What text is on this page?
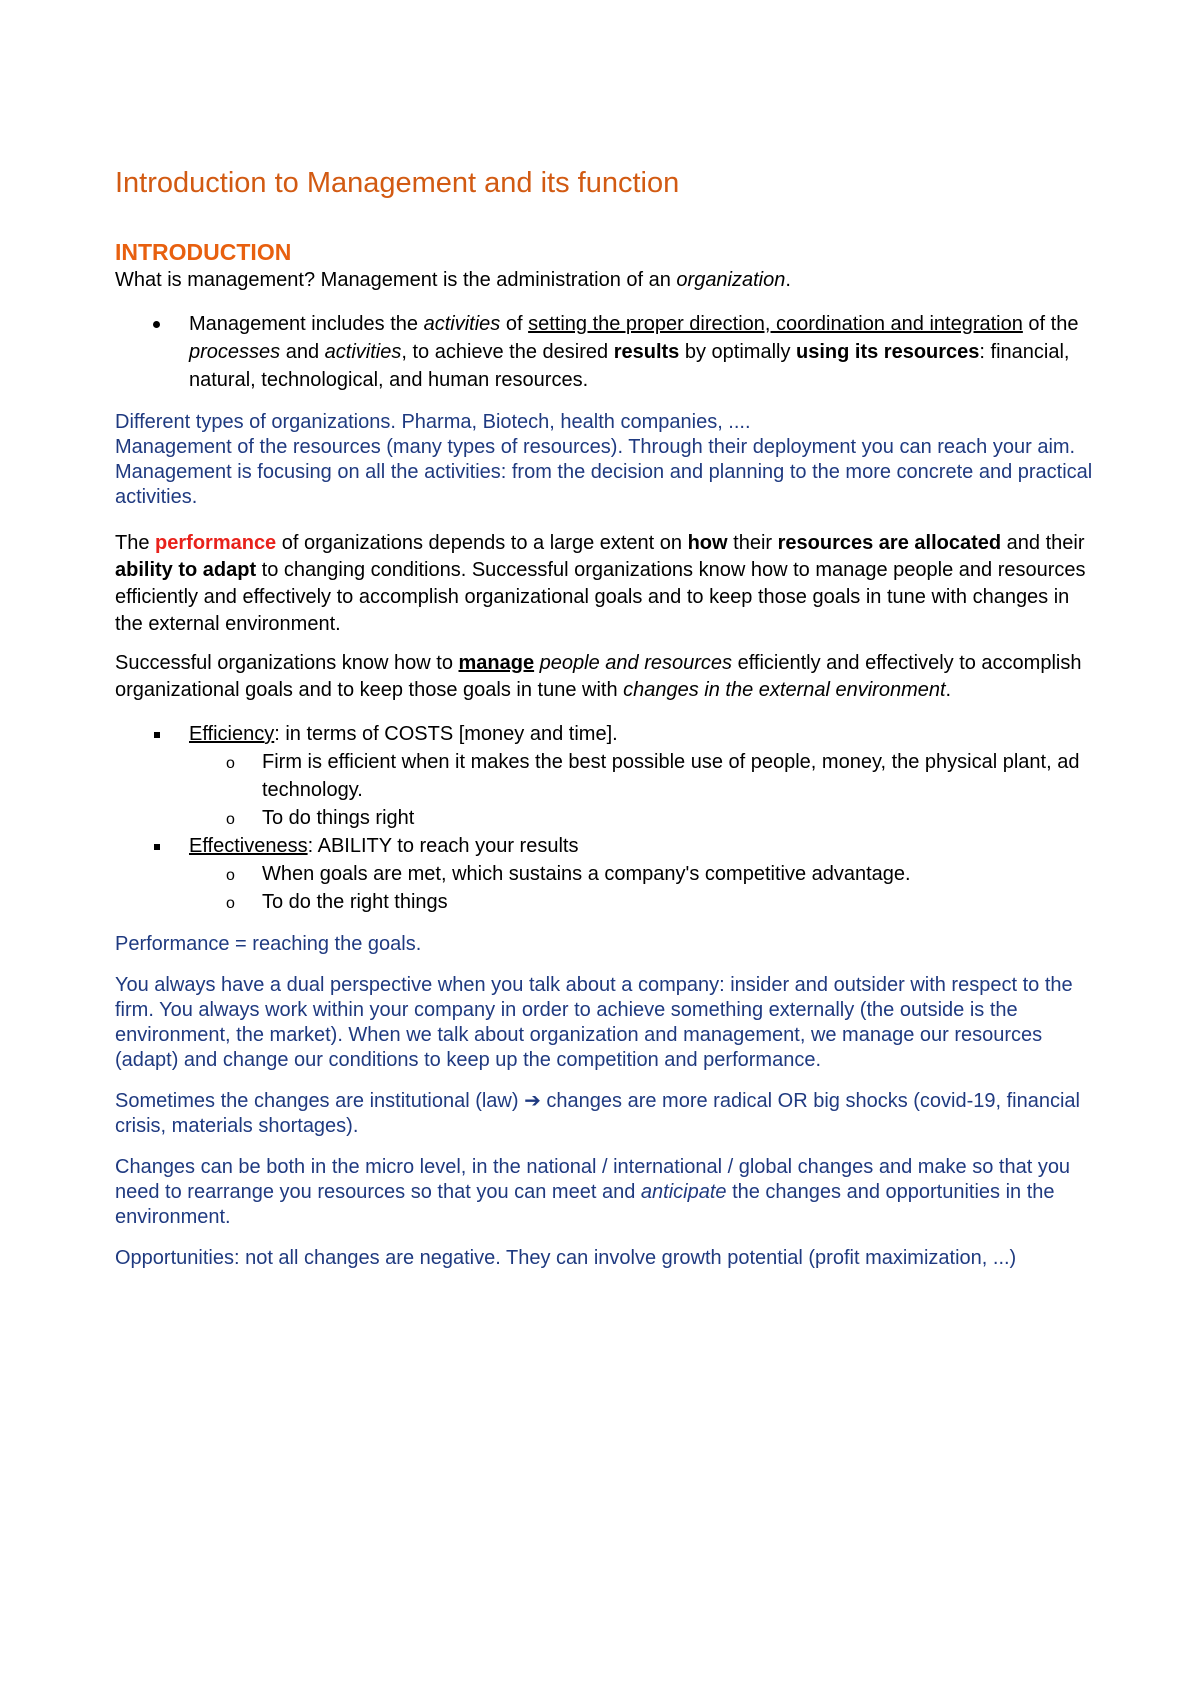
Introduction to Management and its function
INTRODUCTION

What is management? Management is the administration of an organization.

Management includes the activities of setting the proper direction, coordination and integration of the processes and activities, to achieve the desired results by optimally using its resources: financial, natural, technological, and human resources.

Different types of organizations. Pharma, Biotech, health companies, ....

Management of the resources (many types of resources). Through their deployment you can reach your aim.

Management is focusing on all the activities: from the decision and planning to the more concrete and practical activities.

The performance of organizations depends to a large extent on how their resources are allocated and their ability to adapt to changing conditions. Successful organizations know how to manage people and resources efficiently and effectively to accomplish organizational goals and to keep those goals in tune with changes in the external environment.

Successful organizations know how to manage people and resources efficiently and effectively to accomplish organizational goals and to keep those goals in tune with changes in the external environment.

Efficiency: in terms of COSTS [money and time].
o Firm is efficient when it makes the best possible use of people, money, the physical plant, ad technology.
o To do things right
Effectiveness: ABILITY to reach your results
o When goals are met, which sustains a company's competitive advantage.
o To do the right things

Performance = reaching the goals.

You always have a dual perspective when you talk about a company: insider and outsider with respect to the firm. You always work within your company in order to achieve something externally (the outside is the environment, the market). When we talk about organization and management, we manage our resources (adapt) and change our conditions to keep up the competition and performance.

Sometimes the changes are institutional (law) ➔ changes are more radical OR big shocks (covid-19, financial crisis, materials shortages).

Changes can be both in the micro level, in the national / international / global changes and make so that you need to rearrange you resources so that you can meet and anticipate the changes and opportunities in the environment.

Opportunities: not all changes are negative. They can involve growth potential (profit maximization, ...)
